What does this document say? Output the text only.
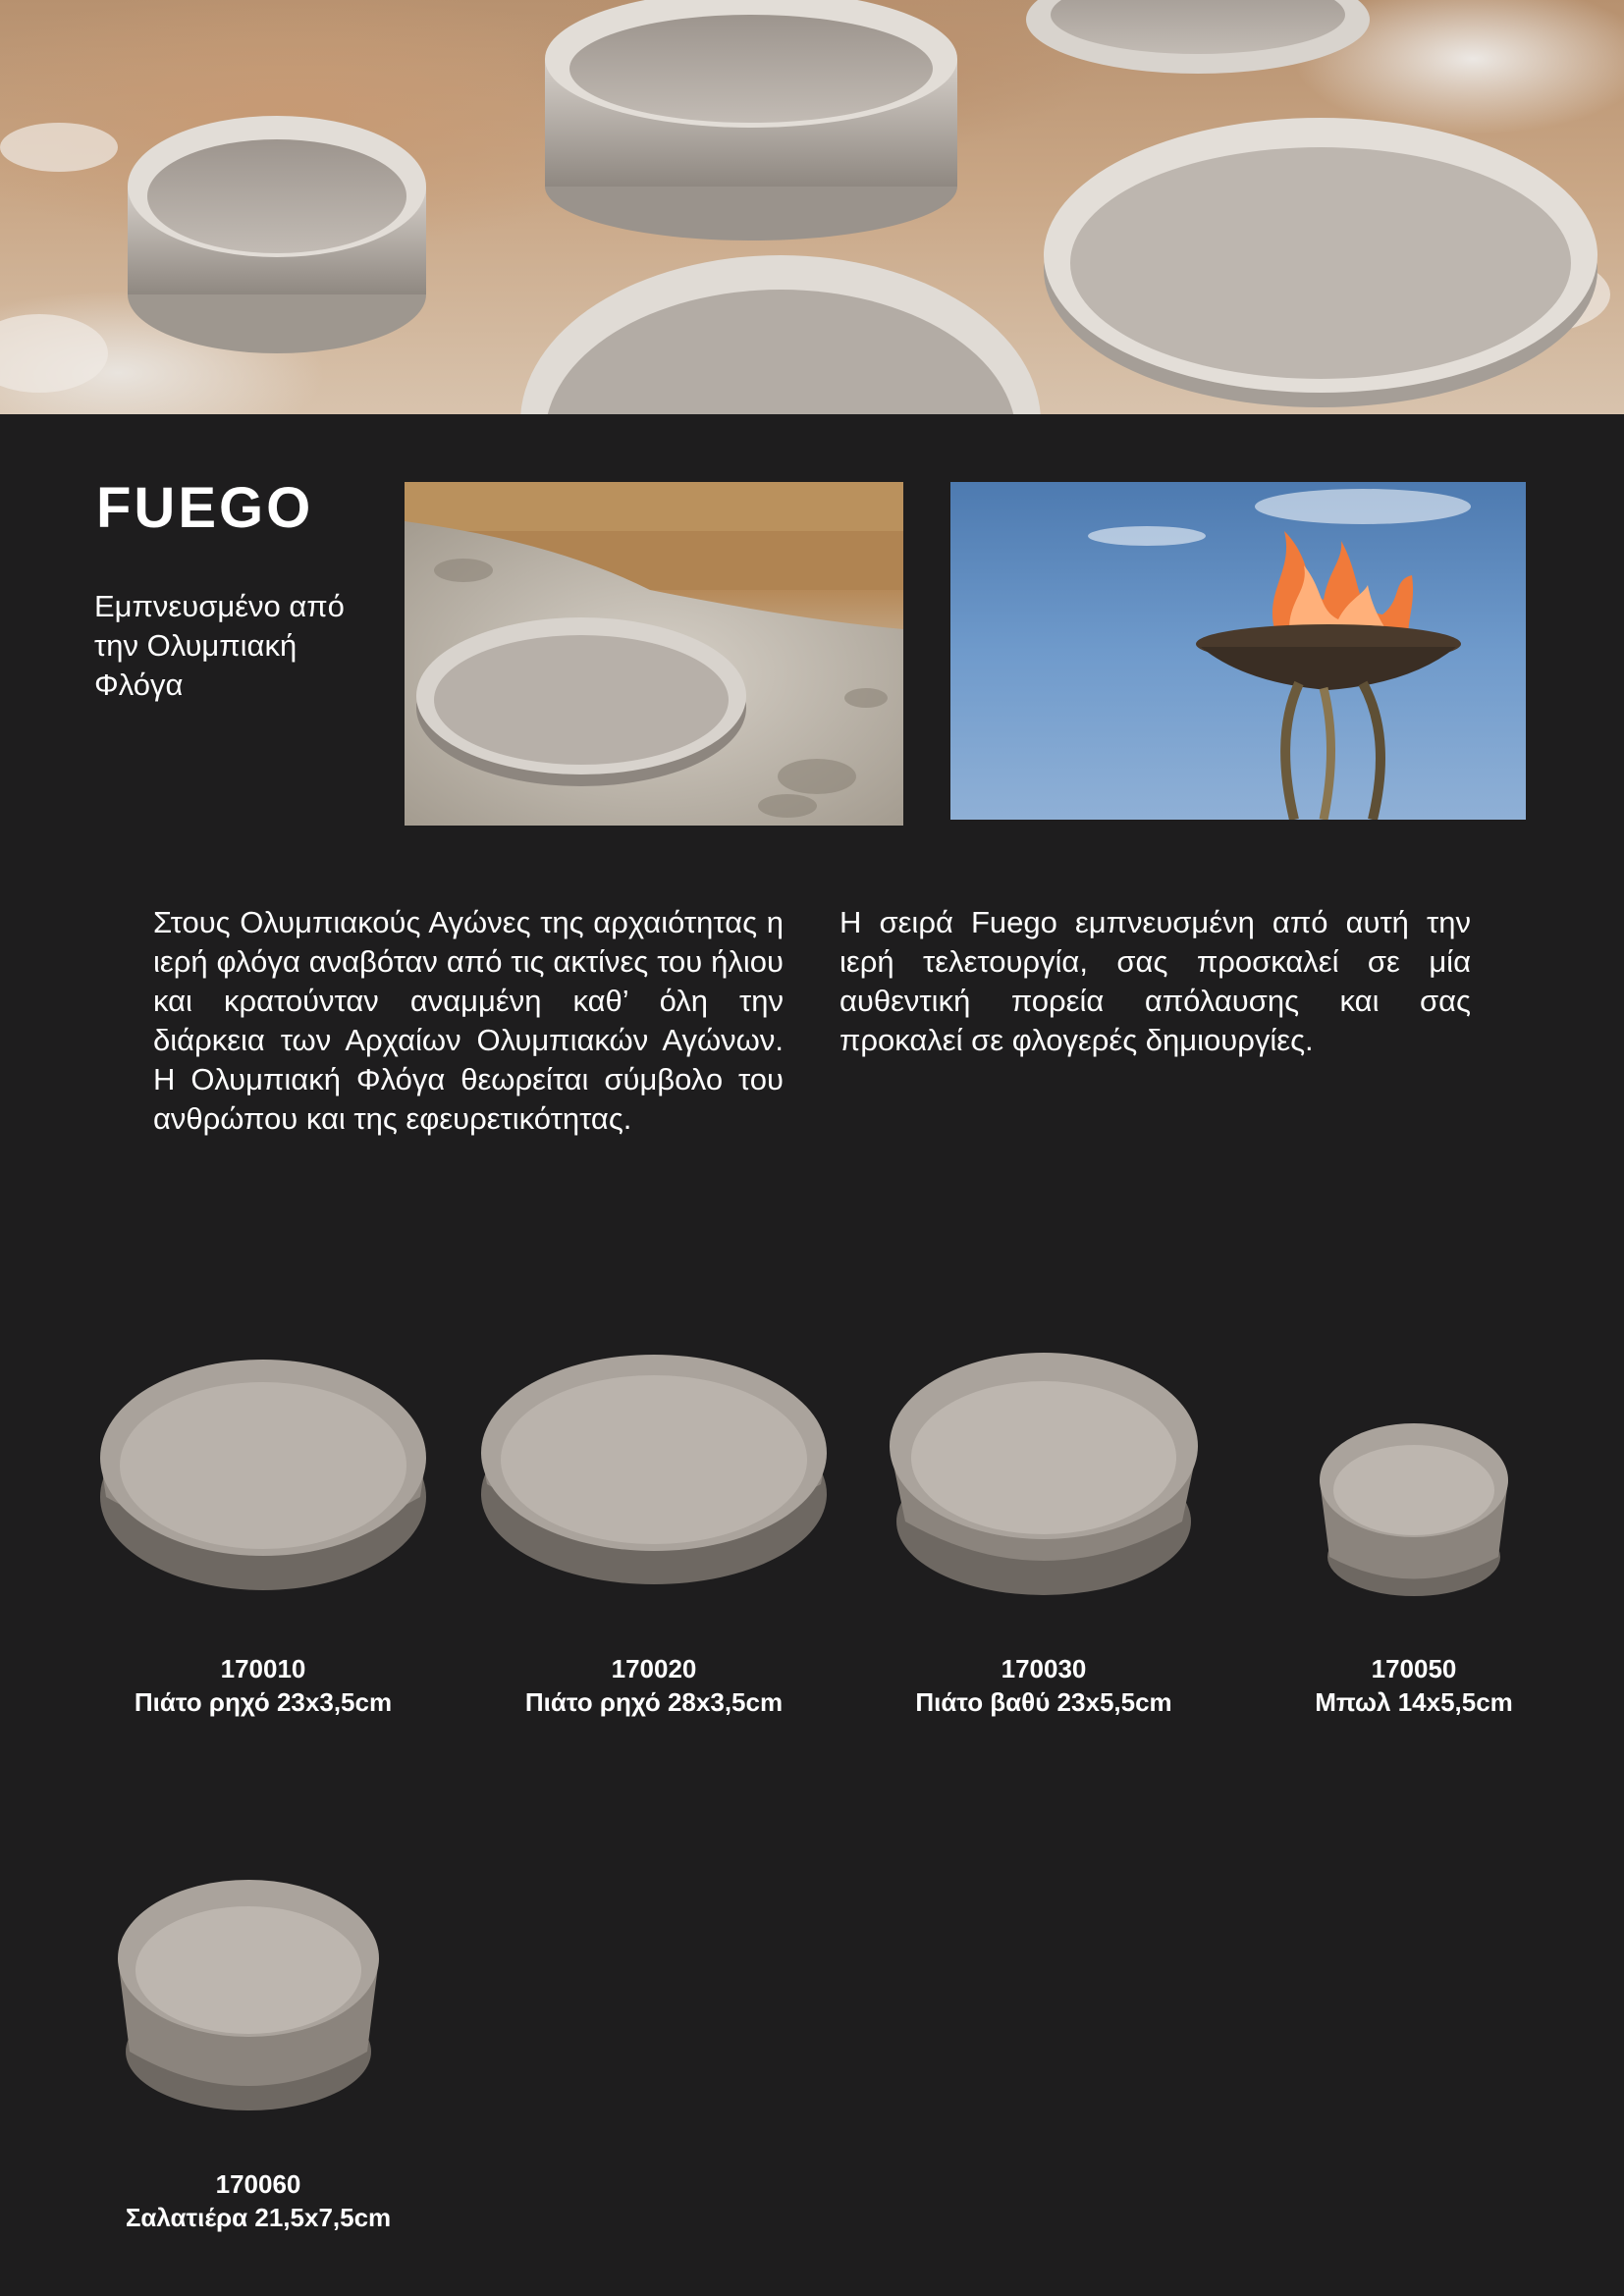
FUEGO
Εμπνευσμένο από την Ολυμπιακή Φλόγα
Στους Ολυμπιακούς Αγώνες της αρχαιότητας η ιερή φλόγα αναβόταν από τις ακτίνες του ήλιου και κρατούνταν αναμμένη καθ’ όλη την διάρκεια των Αρχαίων Ολυμπιακών Αγώνων. Η Ολυμπιακή Φλόγα θεωρείται σύμβολο του ανθρώπου και της εφευρετικότητας.
Η σειρά Fuego εμπνευσμένη από αυτή την ιερή τελετουργία, σας προσκαλεί σε μία αυθεντική πορεία απόλαυσης και σας προκαλεί σε φλογερές δημιουργίες.
170010
Πιάτο ρηχό 23x3,5cm
170020
Πιάτο ρηχό 28x3,5cm
170030
Πιάτο βαθύ 23x5,5cm
170050
Μπωλ 14x5,5cm
170060
Σαλατιέρα 21,5x7,5cm
